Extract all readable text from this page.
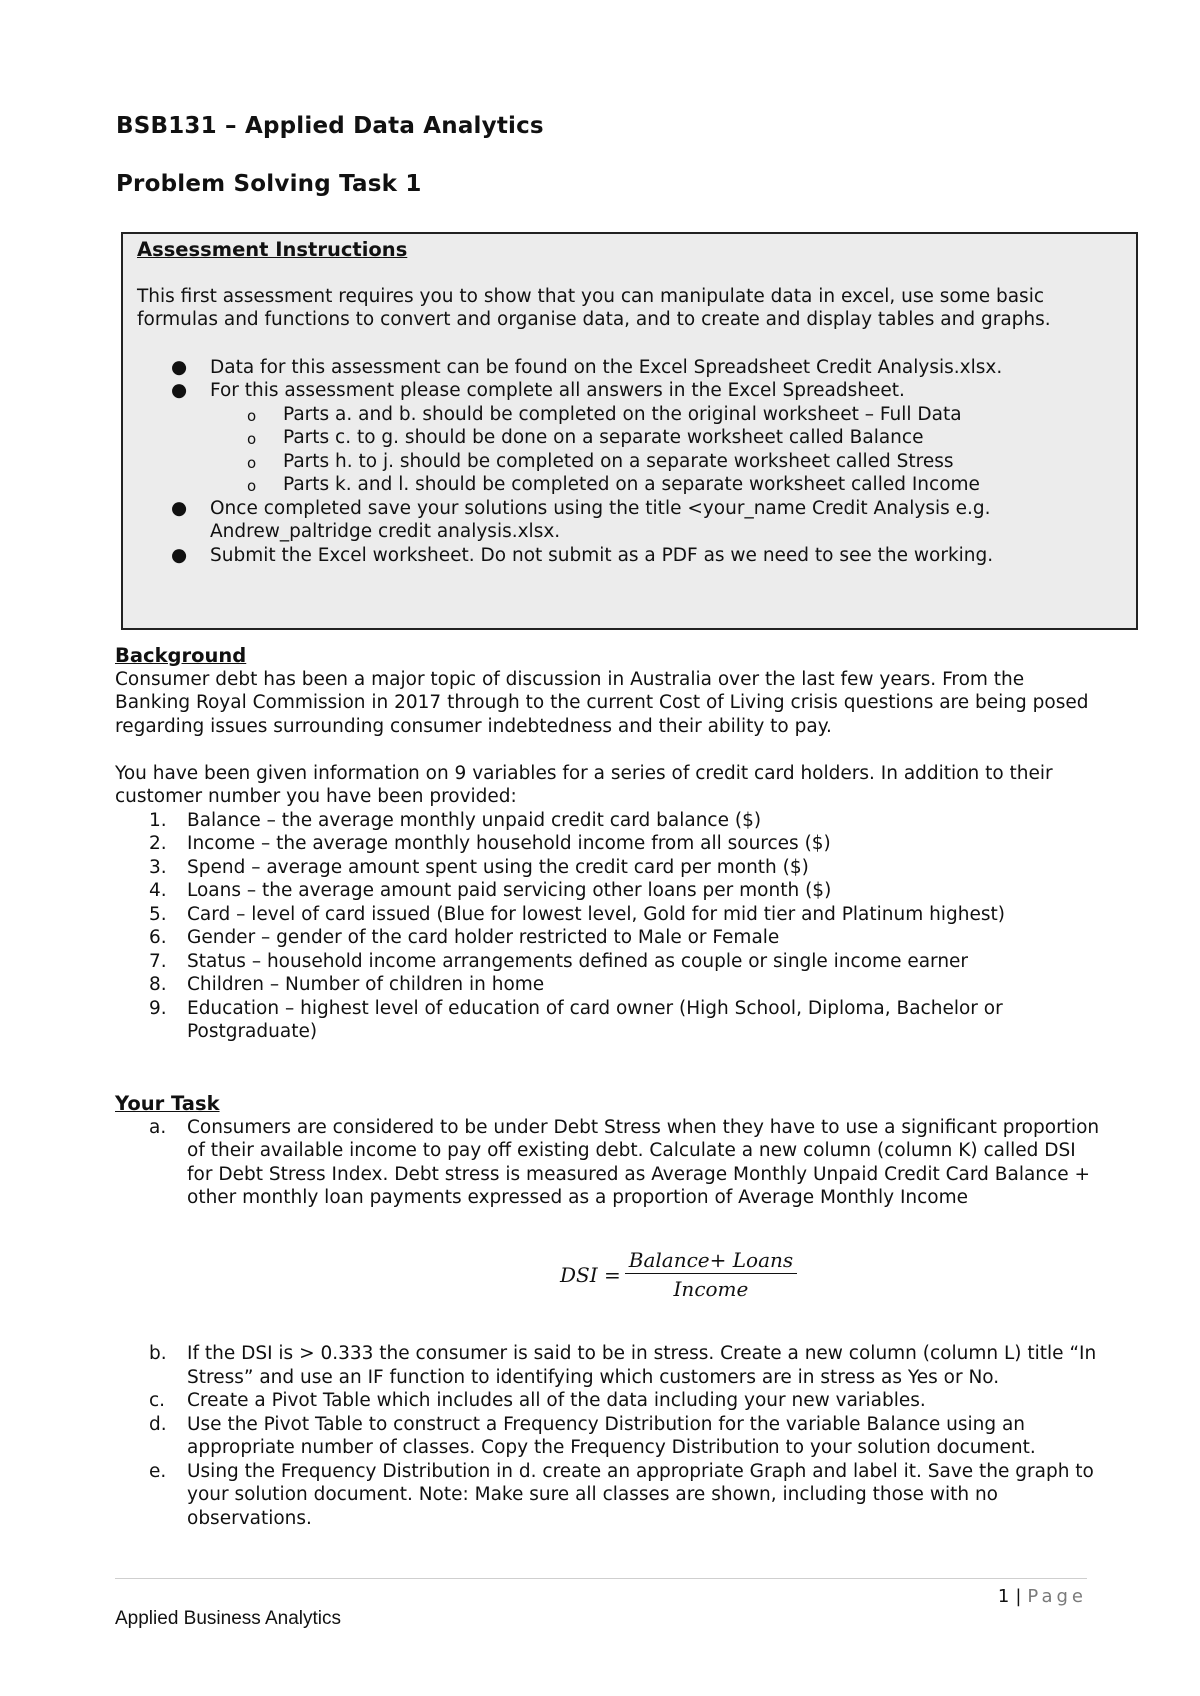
BSB131 – Applied Data Analytics
Problem Solving Task 1
Assessment Instructions
This first assessment requires you to show that you can manipulate data in excel, use some basic formulas and functions to convert and organise data, and to create and display tables and graphs.
● Data for this assessment can be found on the Excel Spreadsheet Credit Analysis.xlsx.
● For this assessment please complete all answers in the Excel Spreadsheet.
o Parts a. and b. should be completed on the original worksheet – Full Data
o Parts c. to g. should be done on a separate worksheet called Balance
o Parts h. to j. should be completed on a separate worksheet called Stress
o Parts k. and l. should be completed on a separate worksheet called Income
● Once completed save your solutions using the title <your_name Credit Analysis e.g. Andrew_paltridge credit analysis.xlsx.
● Submit the Excel worksheet. Do not submit as a PDF as we need to see the working.
Background

Consumer debt has been a major topic of discussion in Australia over the last few years. From the Banking Royal Commission in 2017 through to the current Cost of Living crisis questions are being posed regarding issues surrounding consumer indebtedness and their ability to pay.

You have been given information on 9 variables for a series of credit card holders. In addition to their customer number you have been provided:

1. Balance – the average monthly unpaid credit card balance ($)
2. Income – the average monthly household income from all sources ($)
3. Spend – average amount spent using the credit card per month ($)
4. Loans – the average amount paid servicing other loans per month ($)
5. Card – level of card issued (Blue for lowest level, Gold for mid tier and Platinum highest)
6. Gender – gender of the card holder restricted to Male or Female
7. Status – household income arrangements defined as couple or single income earner
8. Children – Number of children in home
9. Education – highest level of education of card owner (High School, Diploma, Bachelor or Postgraduate)
Your Task
a. Consumers are considered to be under Debt Stress when they have to use a significant proportion of their available income to pay off existing debt. Calculate a new column (column K) called DSI for Debt Stress Index. Debt stress is measured as Average Monthly Unpaid Credit Card Balance + other monthly loan payments expressed as a proportion of Average Monthly Income
DSI = $\frac{\text{Balance+ Loans}}{\text{Income}}$
b. If the DSI is > 0.333 the consumer is said to be in stress. Create a new column (column L) title “In Stress” and use an IF function to identifying which customers are in stress as Yes or No.
c. Create a Pivot Table which includes all of the data including your new variables.
d. Use the Pivot Table to construct a Frequency Distribution for the variable Balance using an appropriate number of classes. Copy the Frequency Distribution to your solution document.
e. Using the Frequency Distribution in d. create an appropriate Graph and label it. Save the graph to your solution document. Note: Make sure all classes are shown, including those with no observations.
1 | Page
Applied Business Analytics
